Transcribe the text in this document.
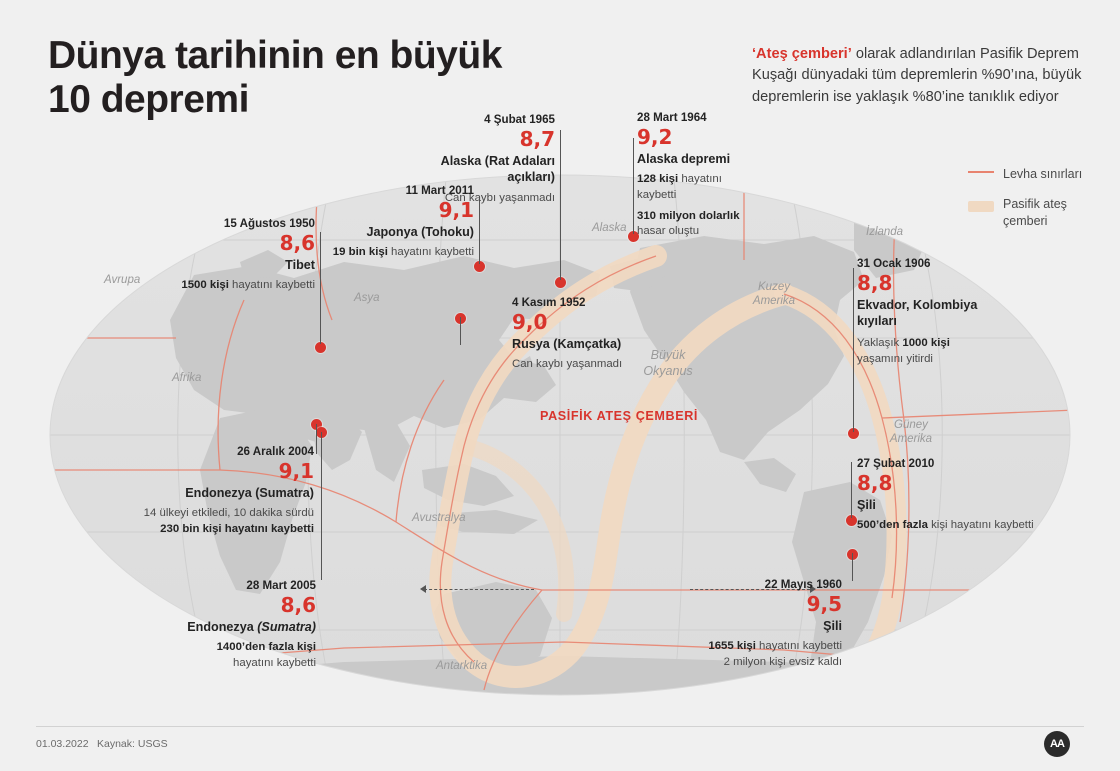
Dünya tarihinin en büyük
10 depremi
‘Ateş çemberi’ olarak adlandırılan Pasifik Deprem Kuşağı dünyadaki tüm depremlerin %90’ına, büyük depremlerin ise yaklaşık %80’ine tanıklık ediyor
Levha sınırları
Pasifik ateş çemberi
Avrupa
Asya
Afrika
Alaska
Kuzey Amerika
İzlanda
Büyük Okyanus
Güney Amerika
Avustralya
Antarktika
PASİFİK ATEŞ ÇEMBERİ
28 Mart 1964
9,2
Alaska depremi
128 kişi hayatını kaybetti
310 milyon dolarlık hasar oluştu
4 Şubat 1965
8,7
Alaska (Rat Adaları açıkları)
Can kaybı yaşanmadı
11 Mart 2011
9,1
Japonya (Tohoku)
19 bin kişi hayatını kaybetti
15 Ağustos 1950
8,6
Tibet
1500 kişi hayatını kaybetti
4 Kasım 1952
9,0
Rusya (Kamçatka)
Can kaybı yaşanmadı
31 Ocak 1906
8,8
Ekvador, Kolombiya kıyıları
Yaklaşık 1000 kişi yaşamını yitirdi
27 Şubat 2010
8,8
Şili
500’den fazla kişi hayatını kaybetti
22 Mayıs 1960
9,5
Şili
1655 kişi hayatını kaybetti
2 milyon kişi evsiz kaldı
26 Aralık 2004
9,1
Endonezya (Sumatra)
14 ülkeyi etkiledi, 10 dakika sürdü
230 bin kişi hayatını kaybetti
28 Mart 2005
8,6
Endonezya (Sumatra)
1400’den fazla kişi
hayatını kaybetti
01.03.2022 Kaynak: USGS	AA
